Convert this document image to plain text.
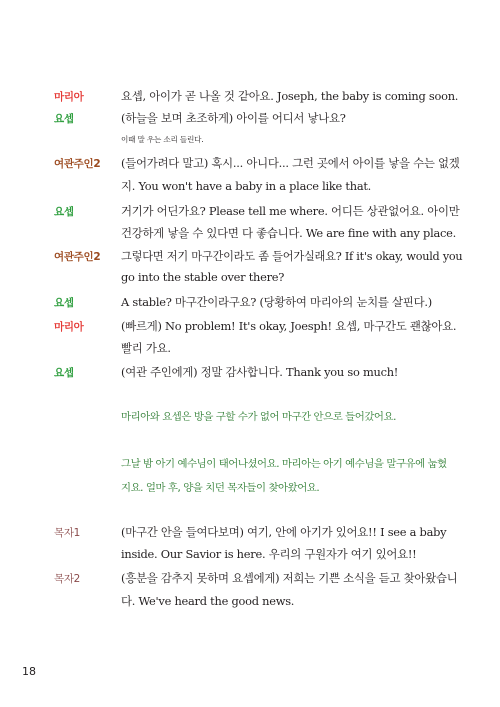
마리아	요셉, 아이가 곧 나올 것 같아요. Joseph, the baby is coming soon.
요셉	(하늘을 보며 초조하게) 아이를 어디서 낳나요?
이때 말 우는 소리 들린다.
여관주인2 (들어가려다 말고) 혹시... 아니다... 그런 곳에서 아이를 낳을 수는 없겠
지. You won't have a baby in a place like that.
요셉	거기가 어딘가요? Please tell me where. 어디든 상관없어요. 아이만
건강하게 낳을 수 있다면 다 좋습니다. We are fine with any place.
여관주인2 그렇다면 저기 마구간이라도 좀 들어가실래요? If it's okay, would you
go into the stable over there?
요셉	A stable? 마구간이라구요? (당황하여 마리아의 눈치를 살핀다.)
마리아	(빠르게) No problem! It's okay, Joesph! 요셉, 마구간도 괜찮아요.
빨리 가요.
요셉	(여관 주인에게) 정말 감사합니다. Thank you so much!
마리아와 요셉은 방을 구할 수가 없어 마구간 안으로 들어갔어요.
그날 밤 아기 예수님이 태어나셨어요. 마리아는 아기 예수님을 말구유에 눕혔
지요. 얼마 후, 양을 치던 목자들이 찾아왔어요.
목자1	(마구간 안을 들여다보며) 여기, 안에 아기가 있어요!! I see a baby
inside. Our Savior is here. 우리의 구원자가 여기 있어요!!
목자2	(흥분을 감추지 못하며 요셉에게) 저희는 기쁜 소식을 듣고 찾아왔습니
다. We've heard the good news.
18
